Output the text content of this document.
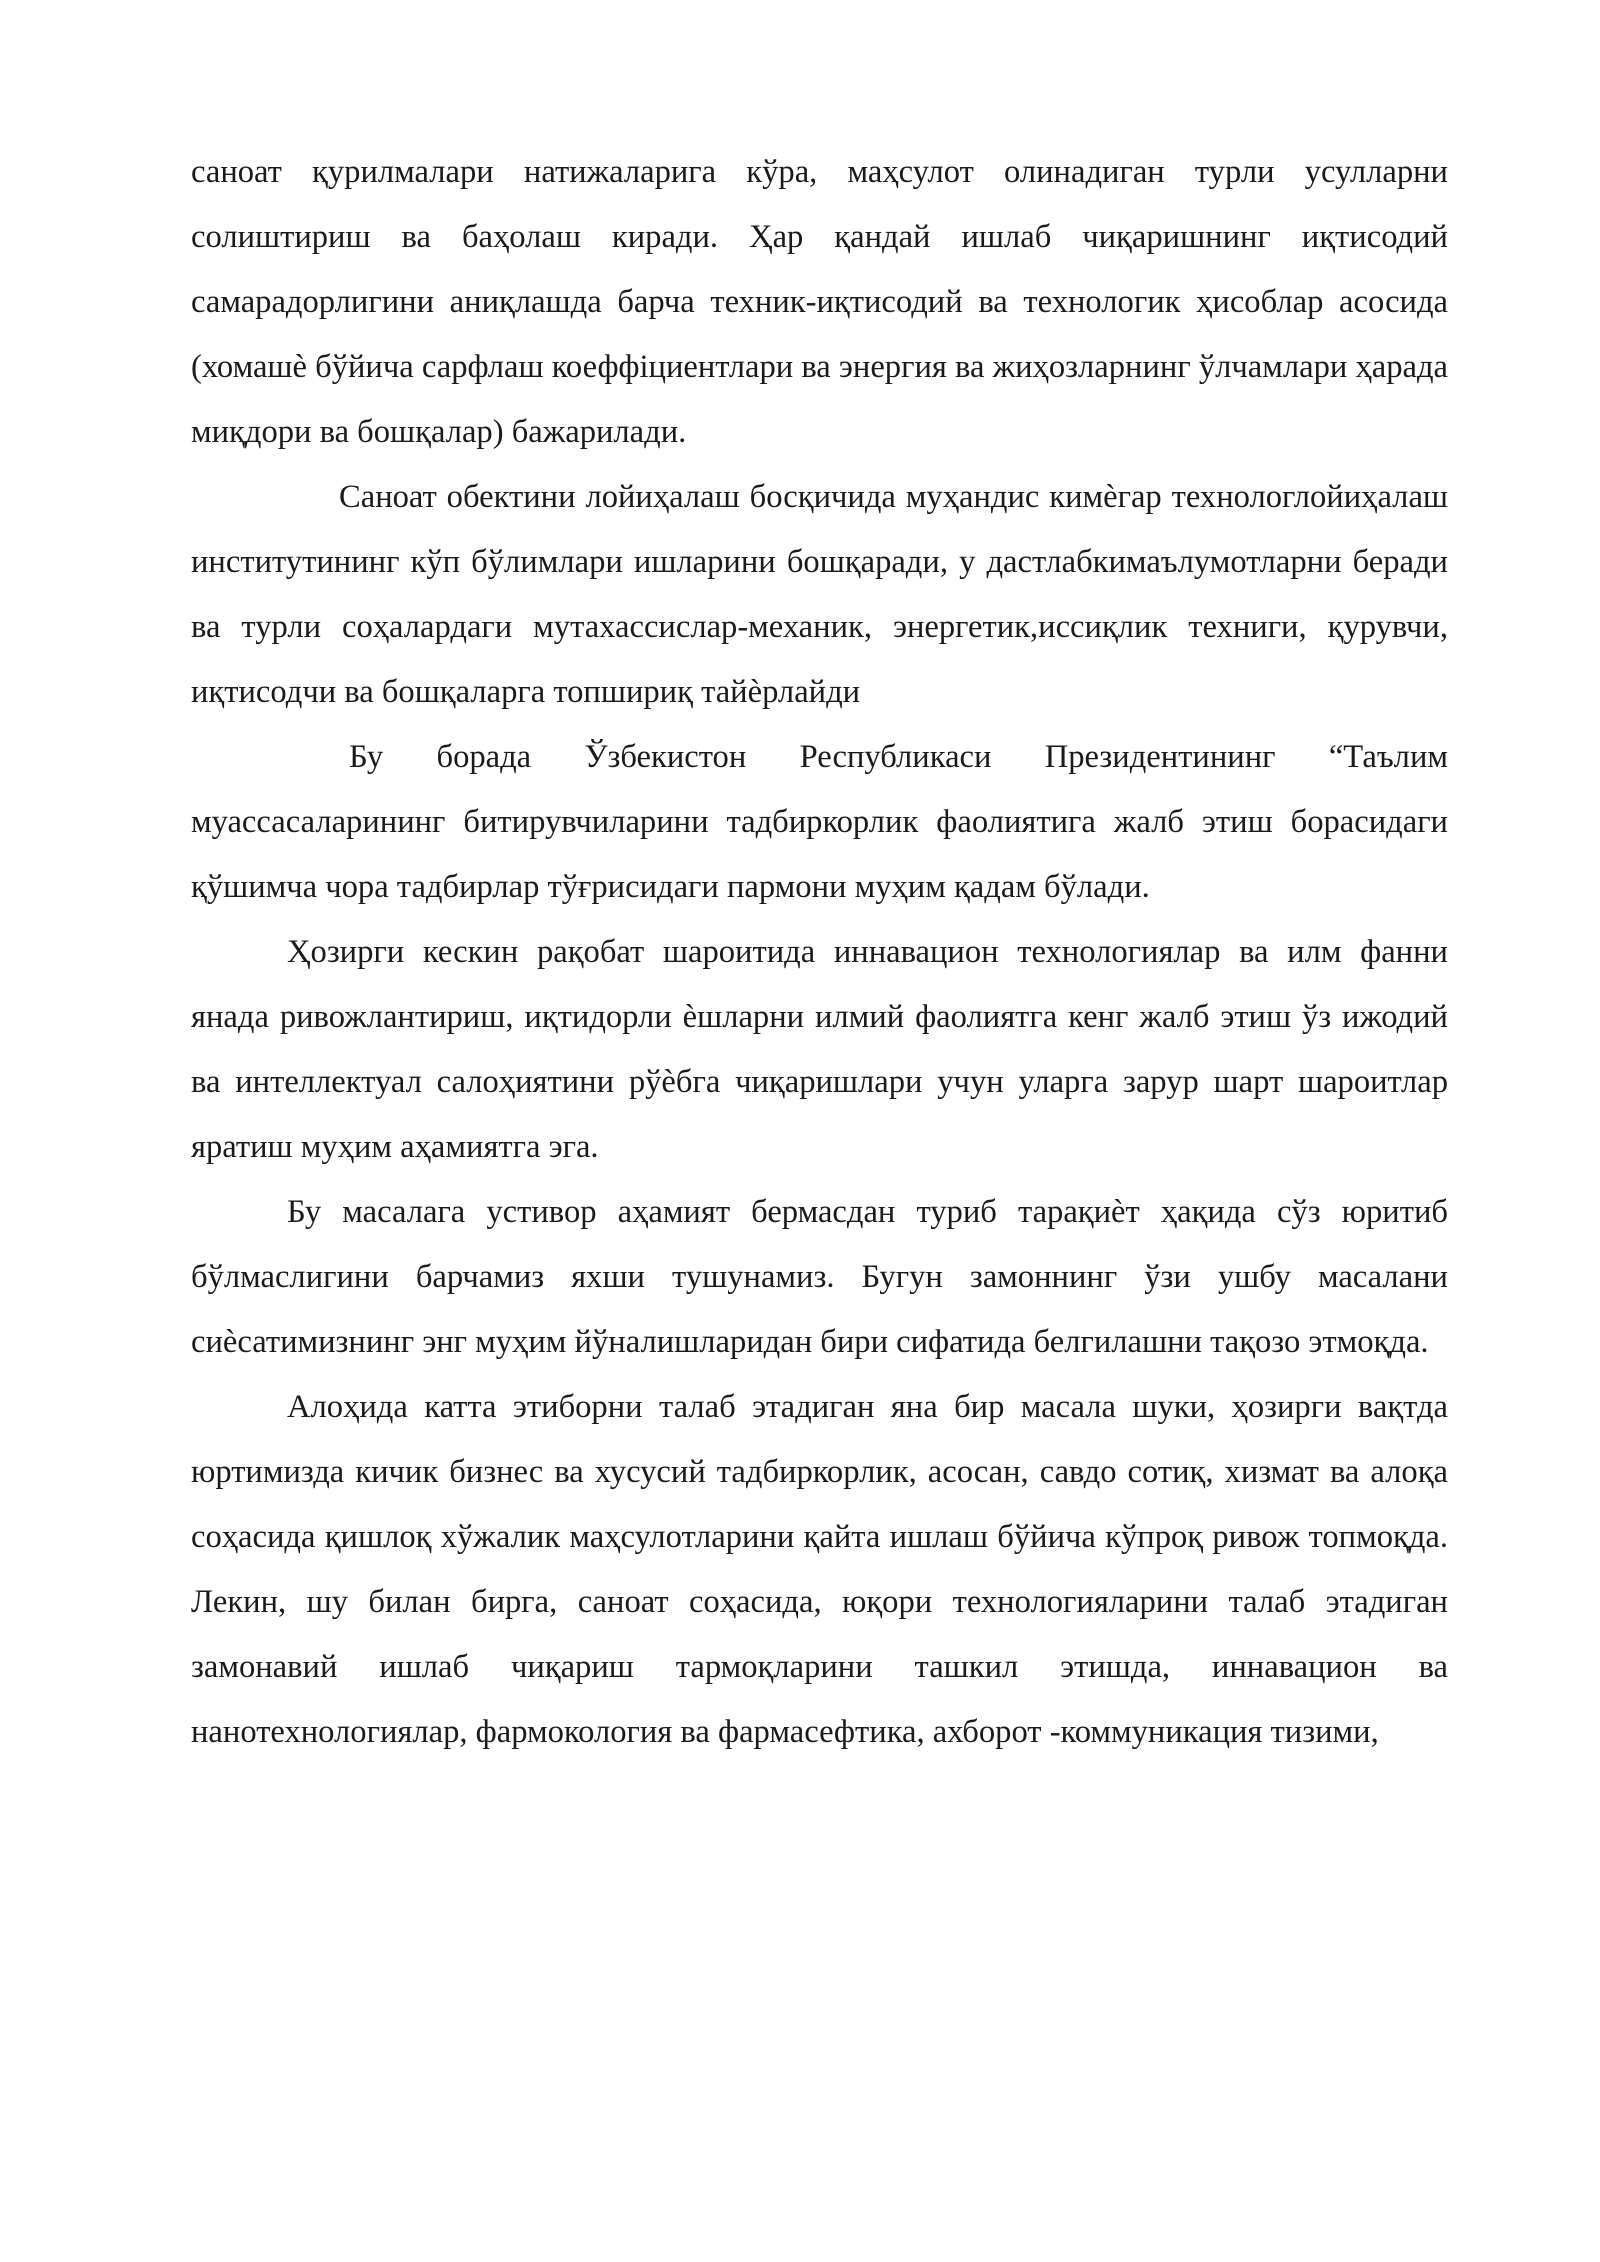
саноат қурилмалари натижаларига кўра, маҳсулот олинадиган турли усулларни солиштириш ва баҳолаш киради. Ҳар қандай ишлаб чиқаришнинг иқтисодий самарадорлигини аниқлашда барча техник-иқтисодий ва технологик ҳисоблар асосида (хомашѐ бўйича сарфлаш коеффіциентлари ва энергия ва жиҳозларнинг ўлчамлари ҳарада миқдори ва бошқалар) бажарилади.

Саноат обектини лойиҳалаш босқичида муҳандис кимѐгар технологлойиҳалаш институтининг кўп бўлимлари ишларини бошқаради, у дастлабкимаълумотларни беради ва турли соҳалардаги мутахассислар-механик, энергетик,иссиқлик техниги, қурувчи, иқтисодчи ва бошқаларга топшириқ тайѐрлайди

Бу борада Ўзбекистон Республикаси Президентининг “Таълим муассасаларининг битирувчиларини тадбиркорлик фаолиятига жалб этиш борасидаги қўшимча чора тадбирлар тўғрисидаги пармони муҳим қадам бўлади.

Ҳозирги кескин рақобат шароитида иннавацион технологиялар ва илм фанни янада ривожлантириш, иқтидорли ѐшларни илмий фаолиятга кенг жалб этиш ўз ижодий ва интеллектуал салоҳиятини рўѐбга чиқаришлари учун уларга зарур шарт шароитлар яратиш муҳим аҳамиятга эга.

Бу масалага устивор аҳамият бермасдан туриб тарақиѐт ҳақида сўз юритиб бўлмаслигини барчамиз яхши тушунамиз. Бугун замоннинг ўзи ушбу масалани сиѐсатимизнинг энг муҳим йўналишларидан бири сифатида белгилашни тақозо этмоқда.

Алоҳида катта этиборни талаб этадиган яна бир масала шуки, ҳозирги вақтда юртимизда кичик бизнес ва хусусий тадбиркорлик, асосан, савдо сотиқ, хизмат ва алоқа соҳасида қишлоқ хўжалик маҳсулотларини қайта ишлаш бўйича кўпроқ ривож топмоқда. Лекин, шу билан бирга, саноат соҳасида, юқори технологияларини талаб этадиган замонавий ишлаб чиқариш тармоқларини ташкил этишда, иннавацион ва нанотехнологиялар, фармокология ва фармасефтика, ахборот -коммуникация тизими,
